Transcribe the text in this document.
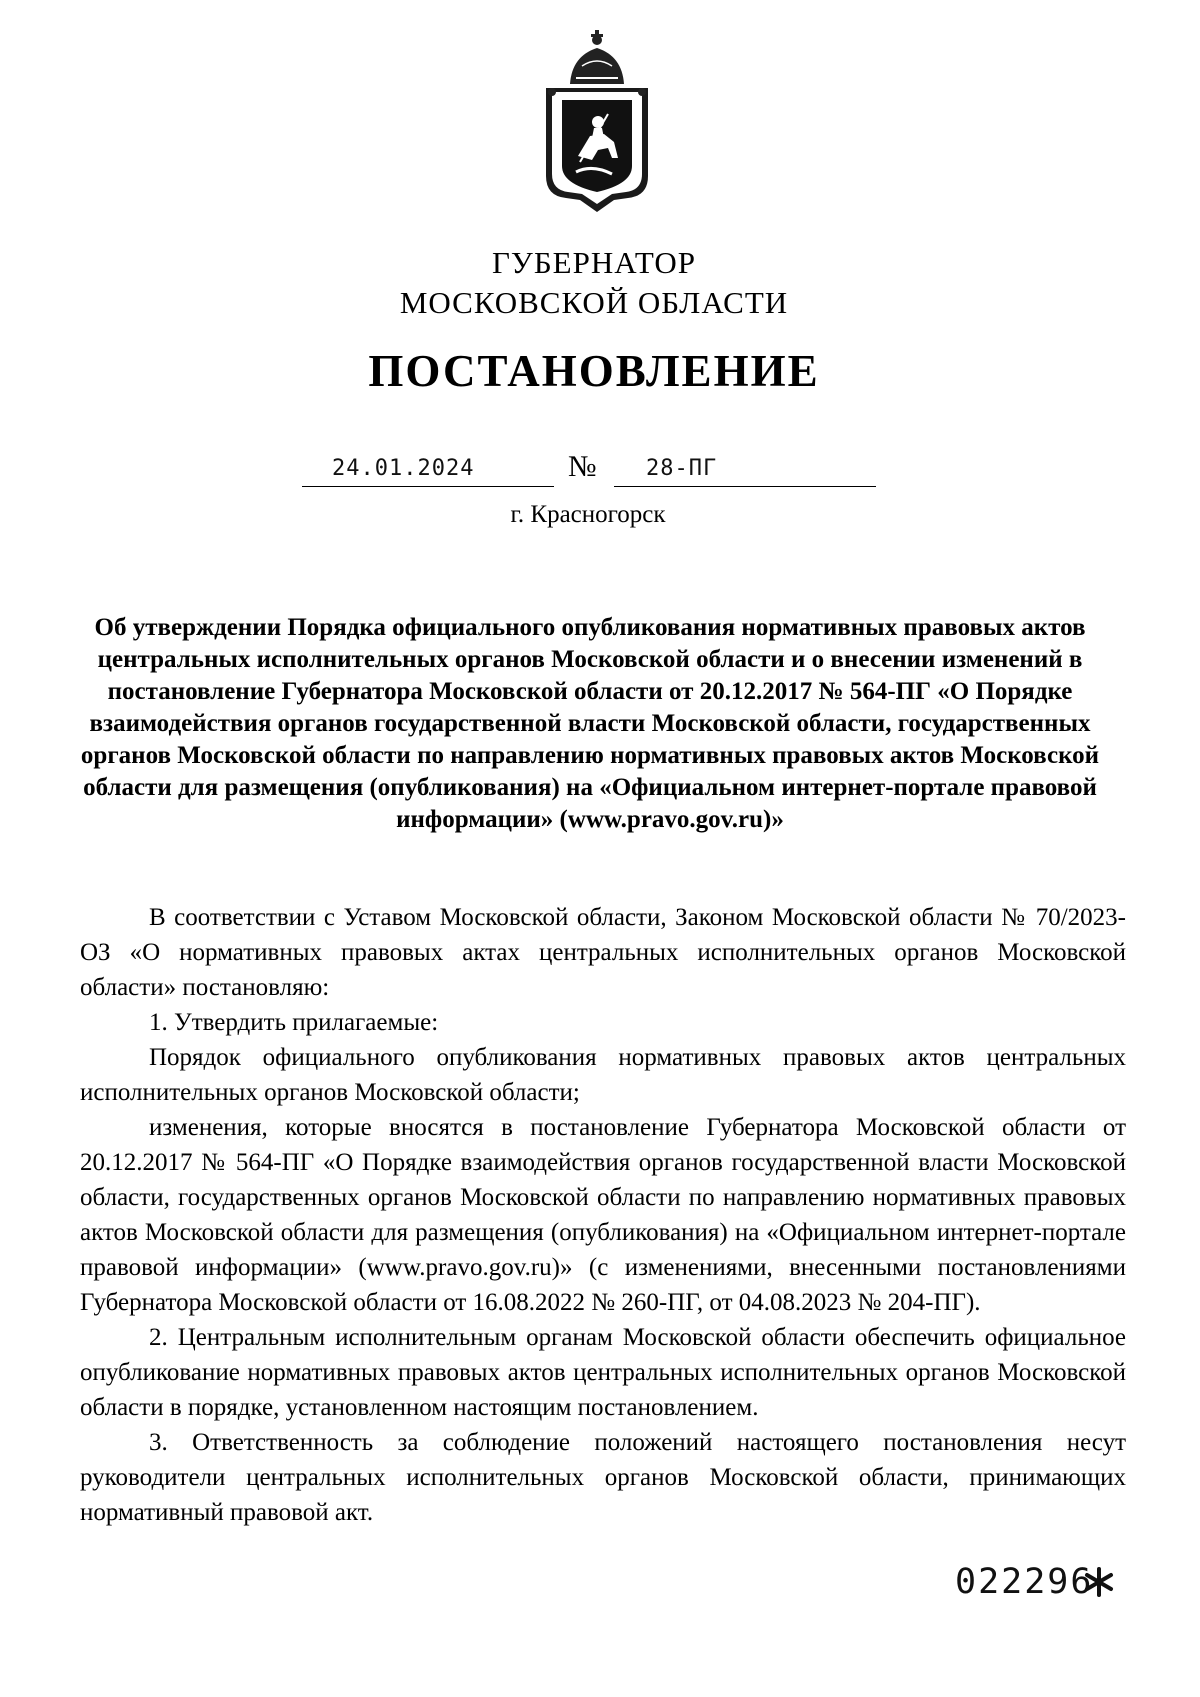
ГУБЕРНАТОР
МОСКОВСКОЙ ОБЛАСТИ
ПОСТАНОВЛЕНИЕ
24.01.2024	№ 28-ПГ
г. Красногорск
Об утверждении Порядка официального опубликования нормативных правовых актов центральных исполнительных органов Московской области и о внесении изменений в постановление Губернатора Московской области от 20.12.2017 № 564-ПГ «О Порядке взаимодействия органов государственной власти Московской области, государственных органов Московской области по направлению нормативных правовых актов Московской области для размещения (опубликования) на «Официальном интернет-портале правовой информации» (www.pravo.gov.ru)»

В соответствии с Уставом Московской области, Законом Московской области № 70/2023-ОЗ «О нормативных правовых актах центральных исполнительных органов Московской области» постановляю:

1. Утвердить прилагаемые:

Порядок официального опубликования нормативных правовых актов центральных исполнительных органов Московской области;

изменения, которые вносятся в постановление Губернатора Московской области от 20.12.2017 № 564-ПГ «О Порядке взаимодействия органов государственной власти Московской области, государственных органов Московской области по направлению нормативных правовых актов Московской области для размещения (опубликования) на «Официальном интернет-портале правовой информации» (www.pravo.gov.ru)» (с изменениями, внесенными постановлениями Губернатора Московской области от 16.08.2022 № 260-ПГ, от 04.08.2023 № 204-ПГ).

2. Центральным исполнительным органам Московской области обеспечить официальное опубликование нормативных правовых актов центральных исполнительных органов Московской области в порядке, установленном настоящим постановлением.

3. Ответственность за соблюдение положений настоящего постановления несут руководители центральных исполнительных органов Московской области, принимающих нормативный правовой акт.

022296
